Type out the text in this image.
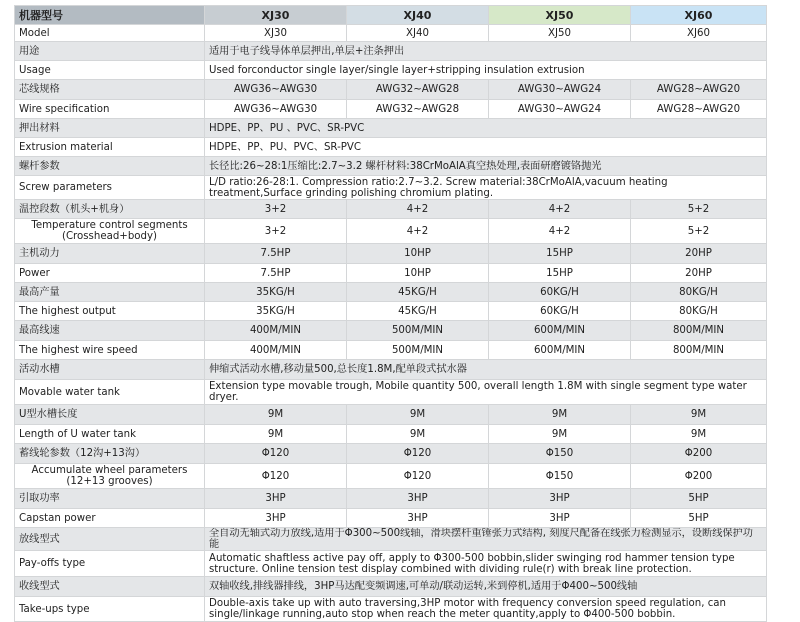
机器型号	XJ30	XJ40	XJ50	XJ60
Model	XJ30	XJ40	XJ50	XJ60
用途	适用于电子线导体单层押出,单层+注条押出			
Usage	Used forconductor single layer/single layer+stripping insulation extrusion			
芯线规格	AWG36~AWG30	AWG32~AWG28	AWG30~AWG24	AWG28~AWG20
Wire specification	AWG36~AWG30	AWG32~AWG28	AWG30~AWG24	AWG28~AWG20
押出材料	HDPE、PP、PU 、PVC、SR-PVC			
Extrusion material	HDPE、PP、PU、PVC、SR-PVC			
螺杆参数	长径比:26~28:1压缩比:2.7~3.2 螺杆材料:38CrMoAlA真空热处理,表面研磨镀铬抛光			
Screw parameters	L/D ratio:26-28:1. Compression ratio:2.7~3.2. Screw material:38CrMoAlA,vacuum heating treatment,Surface grinding polishing chromium plating.			
温控段数（机头+机身）	3+2	4+2	4+2	5+2
Temperature control segments (Crosshead+body)	3+2	4+2	4+2	5+2
主机动力	7.5HP	10HP	15HP	20HP
Power	7.5HP	10HP	15HP	20HP
最高产量	35KG/H	45KG/H	60KG/H	80KG/H
The highest output	35KG/H	45KG/H	60KG/H	80KG/H
最高线速	400M/MIN	500M/MIN	600M/MIN	800M/MIN
The highest wire speed	400M/MIN	500M/MIN	600M/MIN	800M/MIN
活动水槽	伸缩式活动水槽,移动量500,总长度1.8M,配单段式拭水器			
Movable water tank	Extension type movable trough, Mobile quantity 500, overall length 1.8M with single segment type water dryer.			
U型水槽长度	9M	9M	9M	9M
Length of U water tank	9M	9M	9M	9M
蓄线轮参数（12沟+13沟）	Φ120	Φ120	Φ150	Φ200
Accumulate wheel parameters (12+13 grooves)	Φ120	Φ120	Φ150	Φ200
引取功率	3HP	3HP	3HP	5HP
Capstan power	3HP	3HP	3HP	5HP
放线型式	全自动无轴式动力放线,适用于Φ300~500线轴，滑块摆杆重锤张力式结构, 刻度尺配备在线张力检测显示，设断线保护功能			
Pay-offs type	Automatic shaftless active pay off, apply to Φ300-500 bobbin,slider swinging rod hammer tension type structure. Online tension test display combined with dividing rule(r) with break line protection.			
收线型式	双轴收线,排线器排线，3HP马达配变频调速,可单动/联动运转,米到停机,适用于Φ400~500线轴			
Take-ups type	Double-axis take up with auto traversing,3HP motor with frequency conversion speed regulation, can single/linkage running,auto stop when reach the meter quantity,apply to Φ400-500 bobbin.			
